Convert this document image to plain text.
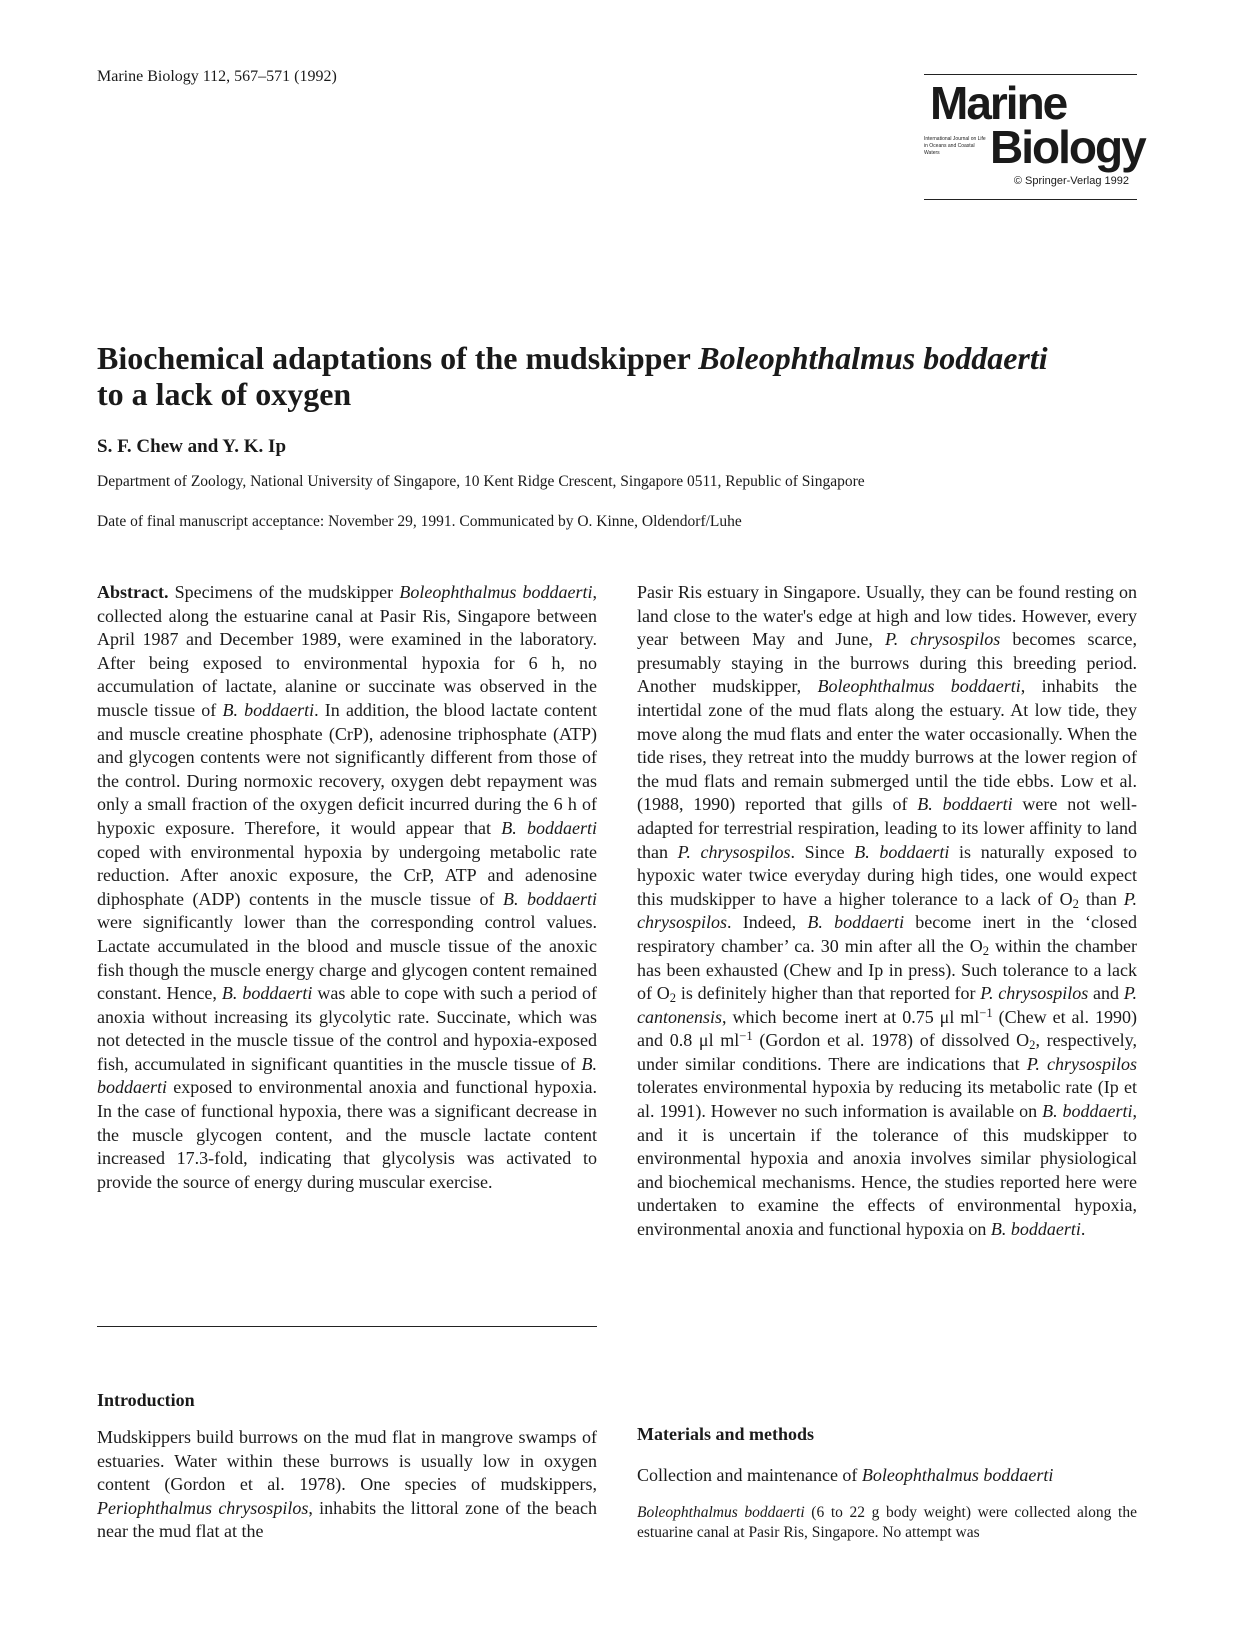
Marine Biology 112, 567–571 (1992)
Marine
International Journal on Life in Oceans and Coastal Waters	Biology
© Springer-Verlag 1992
Biochemical adaptations of the mudskipper Boleophthalmus boddaerti
to a lack of oxygen
S. F. Chew and Y. K. Ip
Department of Zoology, National University of Singapore, 10 Kent Ridge Crescent, Singapore 0511, Republic of Singapore
Date of final manuscript acceptance: November 29, 1991. Communicated by O. Kinne, Oldendorf/Luhe

Abstract. Specimens of the mudskipper Boleophthalmus boddaerti, collected along the estuarine canal at Pasir Ris, Singapore between April 1987 and December 1989, were examined in the laboratory. After being exposed to environmental hypoxia for 6 h, no accumulation of lactate, alanine or succinate was observed in the muscle tissue of B. boddaerti. In addition, the blood lactate content and muscle creatine phosphate (CrP), adenosine triphosphate (ATP) and glycogen contents were not significantly different from those of the control. During normoxic recovery, oxygen debt repayment was only a small fraction of the oxygen deficit incurred during the 6 h of hypoxic exposure. Therefore, it would appear that B. boddaerti coped with environmental hypoxia by undergoing metabolic rate reduction. After anoxic exposure, the CrP, ATP and adenosine diphosphate (ADP) contents in the muscle tissue of B. boddaerti were significantly lower than the corresponding control values. Lactate accumulated in the blood and muscle tissue of the anoxic fish though the muscle energy charge and glycogen content remained constant. Hence, B. boddaerti was able to cope with such a period of anoxia without increasing its glycolytic rate. Succinate, which was not detected in the muscle tissue of the control and hypoxia-exposed fish, accumulated in significant quantities in the muscle tissue of B. boddaerti exposed to environmental anoxia and functional hypoxia. In the case of functional hypoxia, there was a significant decrease in the muscle glycogen content, and the muscle lactate content increased 17.3-fold, indicating that glycolysis was activated to provide the source of energy during muscular exercise.

Introduction
Mudskippers build burrows on the mud flat in mangrove swamps of estuaries. Water within these burrows is usually low in oxygen content (Gordon et al. 1978). One species of mudskippers, Periophthalmus chrysospilos, inhabits the littoral zone of the beach near the mud flat at the

Pasir Ris estuary in Singapore. Usually, they can be found resting on land close to the water's edge at high and low tides. However, every year between May and June, P. chrysospilos becomes scarce, presumably staying in the burrows during this breeding period. Another mudskipper, Boleophthalmus boddaerti, inhabits the intertidal zone of the mud flats along the estuary. At low tide, they move along the mud flats and enter the water occasionally. When the tide rises, they retreat into the muddy burrows at the lower region of the mud flats and remain submerged until the tide ebbs. Low et al. (1988, 1990) reported that gills of B. boddaerti were not well-adapted for terrestrial respiration, leading to its lower affinity to land than P. chrysospilos. Since B. boddaerti is naturally exposed to hypoxic water twice everyday during high tides, one would expect this mudskipper to have a higher tolerance to a lack of $O_2$ than P. chrysospilos. Indeed, B. boddaerti become inert in the ‘closed respiratory chamber’ ca. 30 min after all the $O_2$ within the chamber has been exhausted (Chew and Ip in press). Such tolerance to a lack of $O_2$ is definitely higher than that reported for P. chrysospilos and P. cantonensis, which become inert at 0.75 μl $ml^{-1}$ (Chew et al. 1990) and 0.8 μl $ml^{-1}$ (Gordon et al. 1978) of dissolved $O_2$, respectively, under similar conditions. There are indications that P. chrysospilos tolerates environmental hypoxia by reducing its metabolic rate (Ip et al. 1991). However no such information is available on B. boddaerti, and it is uncertain if the tolerance of this mudskipper to environmental hypoxia and anoxia involves similar physiological and biochemical mechanisms. Hence, the studies reported here were undertaken to examine the effects of environmental hypoxia, environmental anoxia and functional hypoxia on B. boddaerti.

Materials and methods
Collection and maintenance of Boleophthalmus boddaerti
Boleophthalmus boddaerti (6 to 22 g body weight) were collected along the estuarine canal at Pasir Ris, Singapore. No attempt was
